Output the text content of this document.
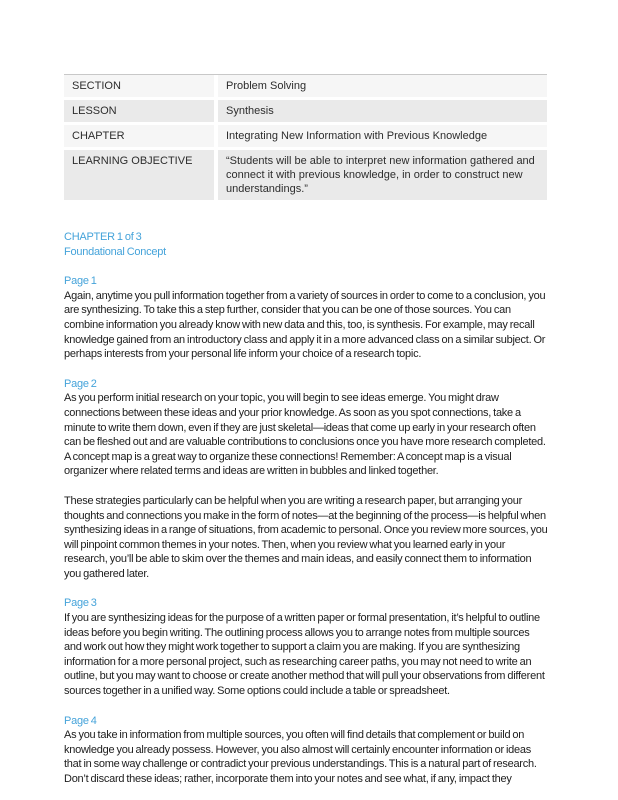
SECTION	Problem Solving
LESSON	Synthesis
CHAPTER	Integrating New Information with Previous Knowledge
LEARNING OBJECTIVE	“Students will be able to interpret new information gathered and connect it with previous knowledge, in order to construct new understandings.”
CHAPTER 1 of 3
Foundational Concept
Page 1

Again, anytime you pull information together from a variety of sources in order to come to a conclusion, you are synthesizing. To take this a step further, consider that you can be one of those sources. You can combine information you already know with new data and this, too, is synthesis. For example, may recall knowledge gained from an introductory class and apply it in a more advanced class on a similar subject. Or perhaps interests from your personal life inform your choice of a research topic.

Page 2

As you perform initial research on your topic, you will begin to see ideas emerge. You might draw connections between these ideas and your prior knowledge. As soon as you spot connections, take a minute to write them down, even if they are just skeletal—ideas that come up early in your research often can be fleshed out and are valuable contributions to conclusions once you have more research completed. A concept map is a great way to organize these connections! Remember: A concept map is a visual organizer where related terms and ideas are written in bubbles and linked together.

These strategies particularly can be helpful when you are writing a research paper, but arranging your thoughts and connections you make in the form of notes—at the beginning of the process—is helpful when synthesizing ideas in a range of situations, from academic to personal. Once you review more sources, you will pinpoint common themes in your notes. Then, when you review what you learned early in your research, you’ll be able to skim over the themes and main ideas, and easily connect them to information you gathered later.

Page 3

If you are synthesizing ideas for the purpose of a written paper or formal presentation, it’s helpful to outline ideas before you begin writing. The outlining process allows you to arrange notes from multiple sources and work out how they might work together to support a claim you are making. If you are synthesizing information for a more personal project, such as researching career paths, you may not need to write an outline, but you may want to choose or create another method that will pull your observations from different sources together in a unified way. Some options could include a table or spreadsheet.

Page 4

As you take in information from multiple sources, you often will find details that complement or build on knowledge you already possess. However, you also almost will certainly encounter information or ideas that in some way challenge or contradict your previous understandings. This is a natural part of research. Don’t discard these ideas; rather, incorporate them into your notes and see what, if any, impact they
